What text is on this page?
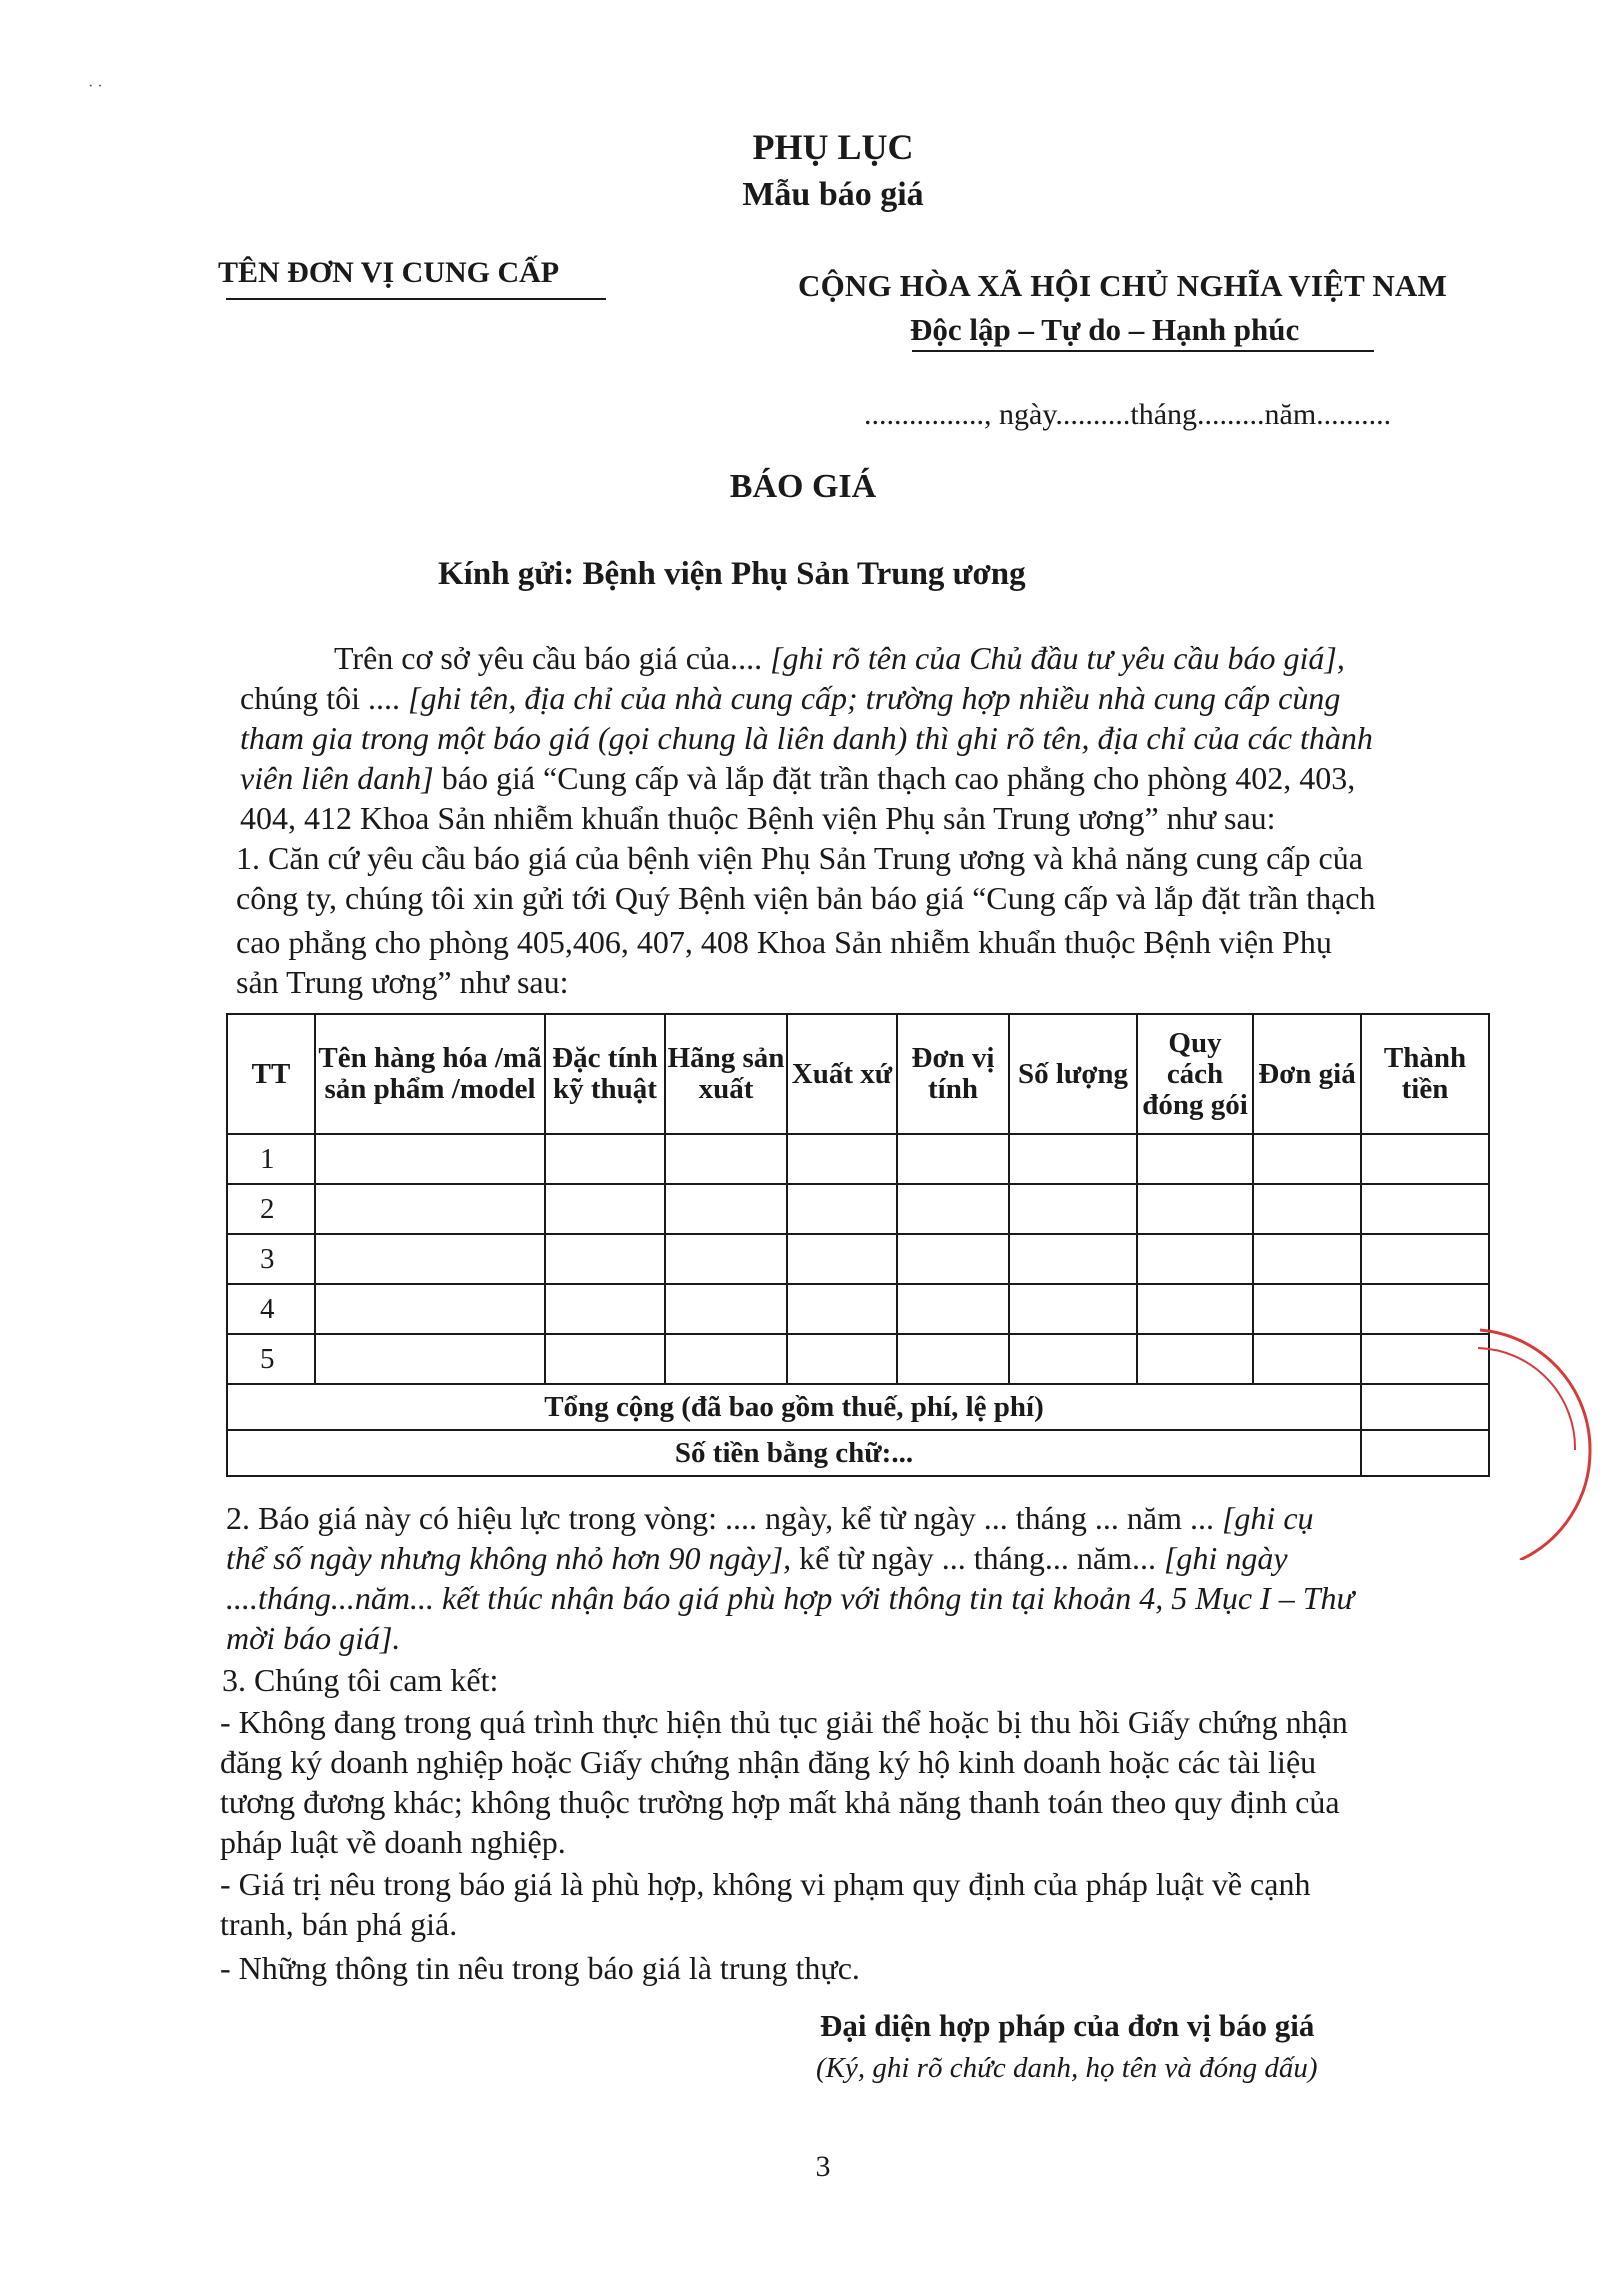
· ·
PHỤ LỤC
Mẫu báo giá
TÊN ĐƠN VỊ CUNG CẤP	CỘNG HÒA XÃ HỘI CHỦ NGHĨA VIỆT NAM
Độc lập – Tự do – Hạnh phúc
................, ngày..........tháng.........năm..........
BÁO GIÁ
Kính gửi: Bệnh viện Phụ Sản Trung ương
Trên cơ sở yêu cầu báo giá của.... [ghi rõ tên của Chủ đầu tư yêu cầu báo giá],
chúng tôi .... [ghi tên, địa chỉ của nhà cung cấp; trường hợp nhiều nhà cung cấp cùng
tham gia trong một báo giá (gọi chung là liên danh) thì ghi rõ tên, địa chỉ của các thành
viên liên danh] báo giá “Cung cấp và lắp đặt trần thạch cao phẳng cho phòng 402, 403,
404, 412 Khoa Sản nhiễm khuẩn thuộc Bệnh viện Phụ sản Trung ương” như sau:
1. Căn cứ yêu cầu báo giá của bệnh viện Phụ Sản Trung ương và khả năng cung cấp của
công ty, chúng tôi xin gửi tới Quý Bệnh viện bản báo giá “Cung cấp và lắp đặt trần thạch
cao phẳng cho phòng 405,406, 407, 408 Khoa Sản nhiễm khuẩn thuộc Bệnh viện Phụ
sản Trung ương” như sau:
TT	Tên hàng hóa /mã sản phẩm /model	Đặc tính kỹ thuật	Hãng sản xuất	Xuất xứ	Đơn vị tính	Số lượng	Quy cách đóng gói	Đơn giá	Thành tiền
1									
2									
3									
4									
5									
Tổng cộng (đã bao gồm thuế, phí, lệ phí)									
Số tiền bằng chữ:...									
2. Báo giá này có hiệu lực trong vòng: .... ngày, kể từ ngày ... tháng ... năm ... [ghi cụ
thể số ngày nhưng không nhỏ hơn 90 ngày], kể từ ngày ... tháng... năm... [ghi ngày
....tháng...năm... kết thúc nhận báo giá phù hợp với thông tin tại khoản 4, 5 Mục I – Thư
mời báo giá].
3. Chúng tôi cam kết:
- Không đang trong quá trình thực hiện thủ tục giải thể hoặc bị thu hồi Giấy chứng nhận
đăng ký doanh nghiệp hoặc Giấy chứng nhận đăng ký hộ kinh doanh hoặc các tài liệu
tương đương khác; không thuộc trường hợp mất khả năng thanh toán theo quy định của
pháp luật về doanh nghiệp.
- Giá trị nêu trong báo giá là phù hợp, không vi phạm quy định của pháp luật về cạnh
tranh, bán phá giá.
- Những thông tin nêu trong báo giá là trung thực.
Đại diện hợp pháp của đơn vị báo giá
(Ký, ghi rõ chức danh, họ tên và đóng dấu)
3
